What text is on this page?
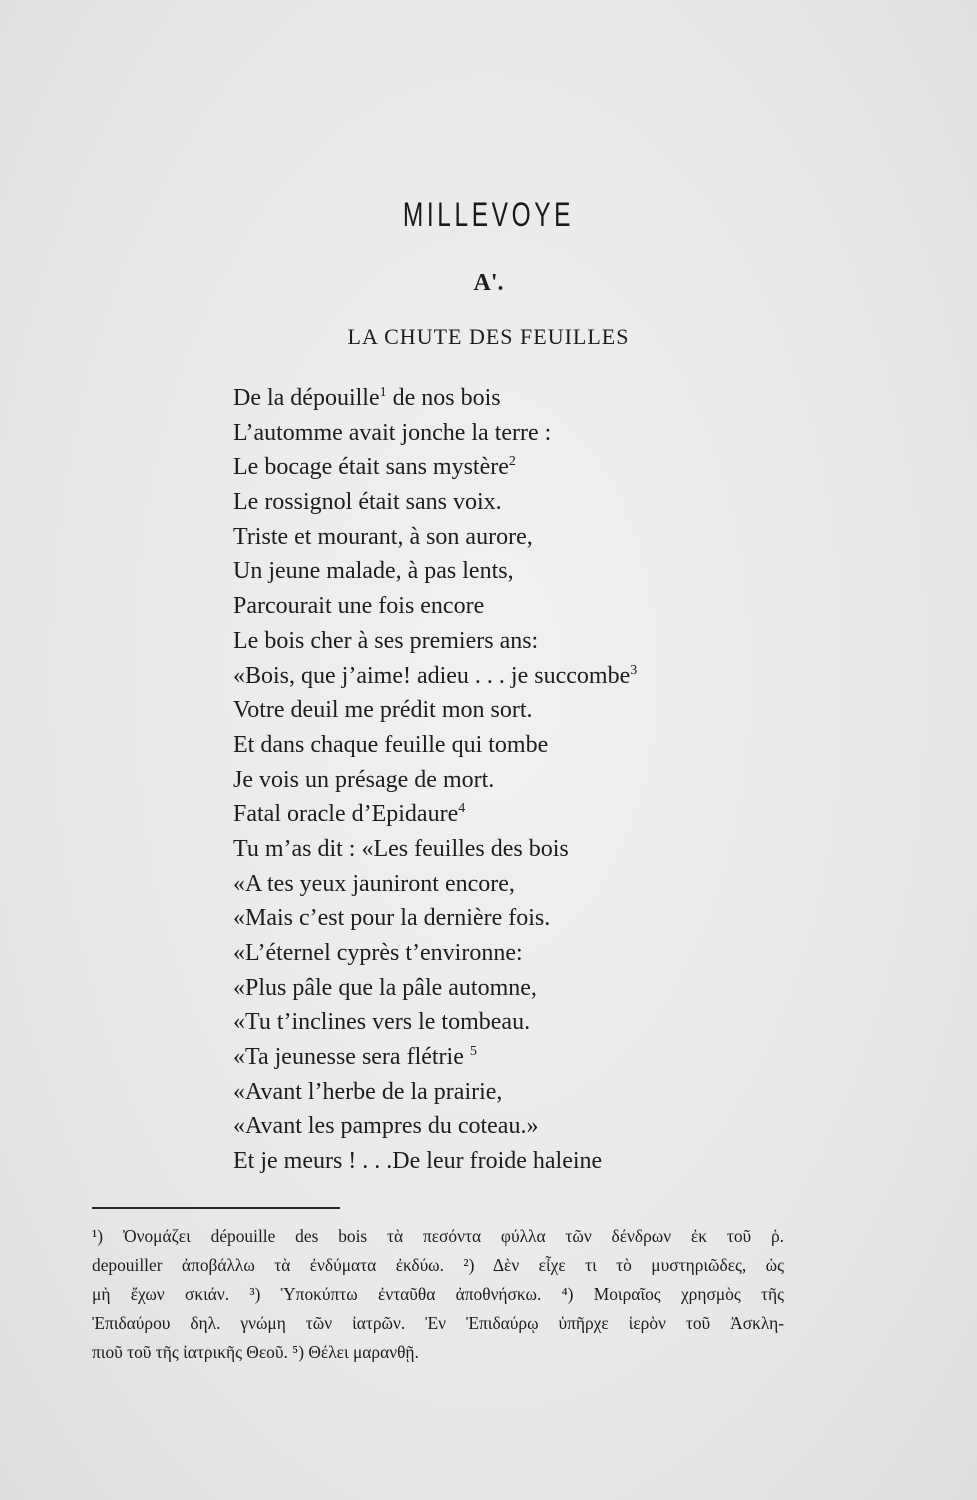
MILLEVOYE
A'.
LA CHUTE DES FEUILLES
De la dépouille$^1$ de nos bois
L’automme avait jonche la terre :
Le bocage était sans mystère$^2$
Le rossignol était sans voix.
Triste et mourant, à son aurore,
Un jeune malade, à pas lents,
Parcourait une fois encore
Le bois cher à ses premiers ans:
«Bois, que j’aime! adieu . . . je succombe$^3$
Votre deuil me prédit mon sort.
Et dans chaque feuille qui tombe
Je vois un présage de mort.
Fatal oracle d’Epidaure$^4$
Tu m’as dit : «Les feuilles des bois
«A tes yeux jauniront encore,
«Mais c’est pour la dernière fois.
«L’éternel cyprès t’environne:
«Plus pâle que la pâle automne,
«Tu t’inclines vers le tombeau.
«Ta jeunesse sera flétrie $^5$
«Avant l’herbe de la prairie,
«Avant les pampres du coteau.»
Et je meurs ! . . .De leur froide haleine
¹) Ὀνομάζει dépouille des bois τὰ πεσόντα φύλλα τῶν δένδρων ἐκ τοῦ ῥ.
depouiller ἀποβάλλω τὰ ἐνδύματα ἐκδύω. ²) Δὲν εἶχε τι τὸ μυστηριῶδες, ὡς
μὴ ἔχων σκιάν. ³) Ὑποκύπτω ἐνταῦθα ἀποθνήσκω. ⁴) Μοιραῖος χρησμὸς τῆς
Ἐπιδαύρου δηλ. γνώμη τῶν ἰατρῶν. Ἐν Ἐπιδαύρῳ ὑπῆρχε ἱερὸν τοῦ Ἀσκλη-
πιοῦ τοῦ τῆς ἰατρικῆς Θεοῦ. ⁵) Θέλει μαρανθῇ.
